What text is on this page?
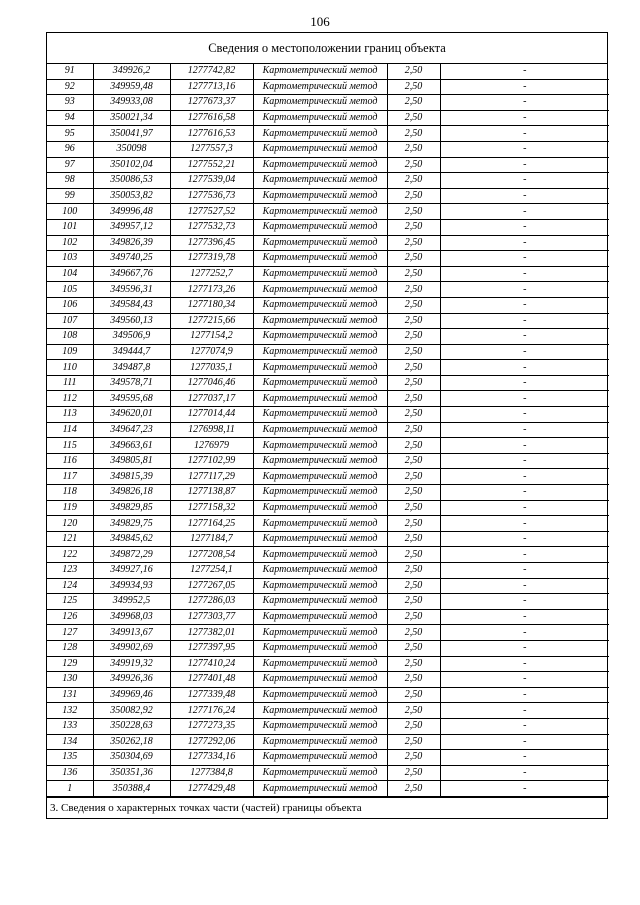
106
Сведения о местоположении границ объекта
91	349926,2	1277742,82	Картометрический метод	2,50	-
92	349959,48	1277713,16	Картометрический метод	2,50	-
93	349933,08	1277673,37	Картометрический метод	2,50	-
94	350021,34	1277616,58	Картометрический метод	2,50	-
95	350041,97	1277616,53	Картометрический метод	2,50	-
96	350098	1277557,3	Картометрический метод	2,50	-
97	350102,04	1277552,21	Картометрический метод	2,50	-
98	350086,53	1277539,04	Картометрический метод	2,50	-
99	350053,82	1277536,73	Картометрический метод	2,50	-
100	349996,48	1277527,52	Картометрический метод	2,50	-
101	349957,12	1277532,73	Картометрический метод	2,50	-
102	349826,39	1277396,45	Картометрический метод	2,50	-
103	349740,25	1277319,78	Картометрический метод	2,50	-
104	349667,76	1277252,7	Картометрический метод	2,50	-
105	349596,31	1277173,26	Картометрический метод	2,50	-
106	349584,43	1277180,34	Картометрический метод	2,50	-
107	349560,13	1277215,66	Картометрический метод	2,50	-
108	349506,9	1277154,2	Картометрический метод	2,50	-
109	349444,7	1277074,9	Картометрический метод	2,50	-
110	349487,8	1277035,1	Картометрический метод	2,50	-
111	349578,71	1277046,46	Картометрический метод	2,50	-
112	349595,68	1277037,17	Картометрический метод	2,50	-
113	349620,01	1277014,44	Картометрический метод	2,50	-
114	349647,23	1276998,11	Картометрический метод	2,50	-
115	349663,61	1276979	Картометрический метод	2,50	-
116	349805,81	1277102,99	Картометрический метод	2,50	-
117	349815,39	1277117,29	Картометрический метод	2,50	-
118	349826,18	1277138,87	Картометрический метод	2,50	-
119	349829,85	1277158,32	Картометрический метод	2,50	-
120	349829,75	1277164,25	Картометрический метод	2,50	-
121	349845,62	1277184,7	Картометрический метод	2,50	-
122	349872,29	1277208,54	Картометрический метод	2,50	-
123	349927,16	1277254,1	Картометрический метод	2,50	-
124	349934,93	1277267,05	Картометрический метод	2,50	-
125	349952,5	1277286,03	Картометрический метод	2,50	-
126	349968,03	1277303,77	Картометрический метод	2,50	-
127	349913,67	1277382,01	Картометрический метод	2,50	-
128	349902,69	1277397,95	Картометрический метод	2,50	-
129	349919,32	1277410,24	Картометрический метод	2,50	-
130	349926,36	1277401,48	Картометрический метод	2,50	-
131	349969,46	1277339,48	Картометрический метод	2,50	-
132	350082,92	1277176,24	Картометрический метод	2,50	-
133	350228,63	1277273,35	Картометрический метод	2,50	-
134	350262,18	1277292,06	Картометрический метод	2,50	-
135	350304,69	1277334,16	Картометрический метод	2,50	-
136	350351,36	1277384,8	Картометрический метод	2,50	-
1	350388,4	1277429,48	Картометрический метод	2,50	-
3. Сведения о характерных точках части (частей) границы объекта
